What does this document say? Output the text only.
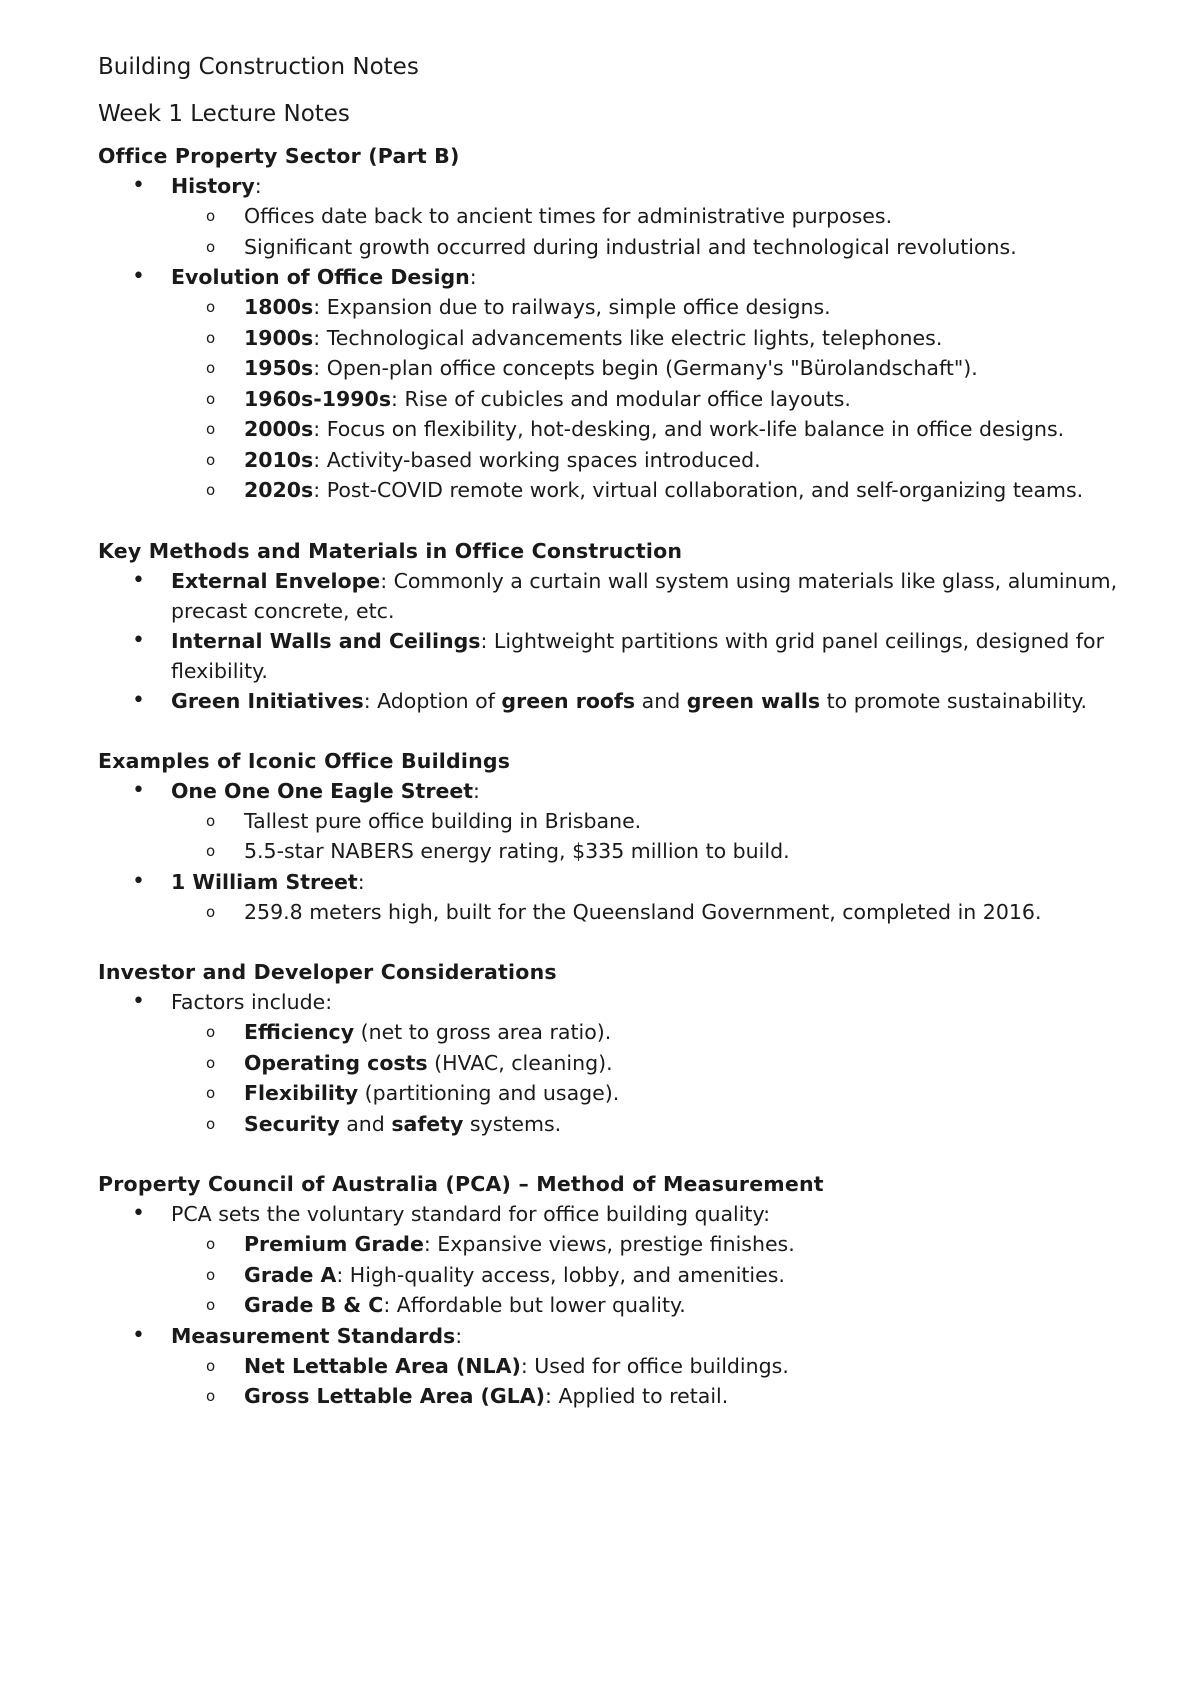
Building Construction Notes
Week 1 Lecture Notes
Office Property Sector (Part B)
• History:
o Offices date back to ancient times for administrative purposes.
o Significant growth occurred during industrial and technological revolutions.
• Evolution of Office Design:
o 1800s: Expansion due to railways, simple office designs.
o 1900s: Technological advancements like electric lights, telephones.
o 1950s: Open-plan office concepts begin (Germany's "Bürolandschaft").
o 1960s-1990s: Rise of cubicles and modular office layouts.
o 2000s: Focus on flexibility, hot-desking, and work-life balance in office designs.
o 2010s: Activity-based working spaces introduced.
o 2020s: Post-COVID remote work, virtual collaboration, and self-organizing teams.
Key Methods and Materials in Office Construction
• External Envelope: Commonly a curtain wall system using materials like glass, aluminum, precast concrete, etc.
• Internal Walls and Ceilings: Lightweight partitions with grid panel ceilings, designed for flexibility.
• Green Initiatives: Adoption of green roofs and green walls to promote sustainability.
Examples of Iconic Office Buildings
• One One One Eagle Street:
o Tallest pure office building in Brisbane.
o 5.5-star NABERS energy rating, $335 million to build.
• 1 William Street:
o 259.8 meters high, built for the Queensland Government, completed in 2016.
Investor and Developer Considerations
• Factors include:
o Efficiency (net to gross area ratio).
o Operating costs (HVAC, cleaning).
o Flexibility (partitioning and usage).
o Security and safety systems.
Property Council of Australia (PCA) – Method of Measurement
• PCA sets the voluntary standard for office building quality:
o Premium Grade: Expansive views, prestige finishes.
o Grade A: High-quality access, lobby, and amenities.
o Grade B & C: Affordable but lower quality.
• Measurement Standards:
o Net Lettable Area (NLA): Used for office buildings.
o Gross Lettable Area (GLA): Applied to retail.
